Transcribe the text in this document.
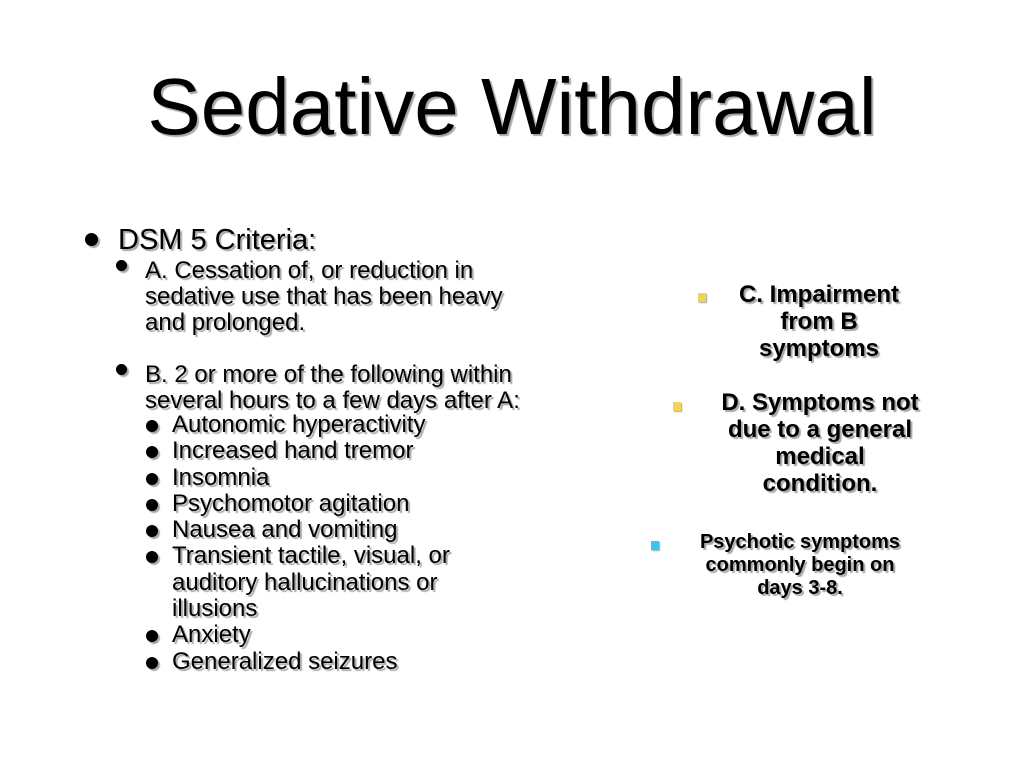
Sedative Withdrawal
DSM 5 Criteria:
A. Cessation of, or reduction in
sedative use that has been heavy
and prolonged.
B. 2 or more of the following within
several hours to a few days after A:
Autonomic hyperactivity
Increased hand tremor
Insomnia
Psychomotor agitation
Nausea and vomiting
Transient tactile, visual, or
auditory hallucinations or
illusions
Anxiety
Generalized seizures
C. Impairment
from B
symptoms
D. Symptoms not
due to a general
medical
condition.
Psychotic symptoms
commonly begin on
days 3-8.
